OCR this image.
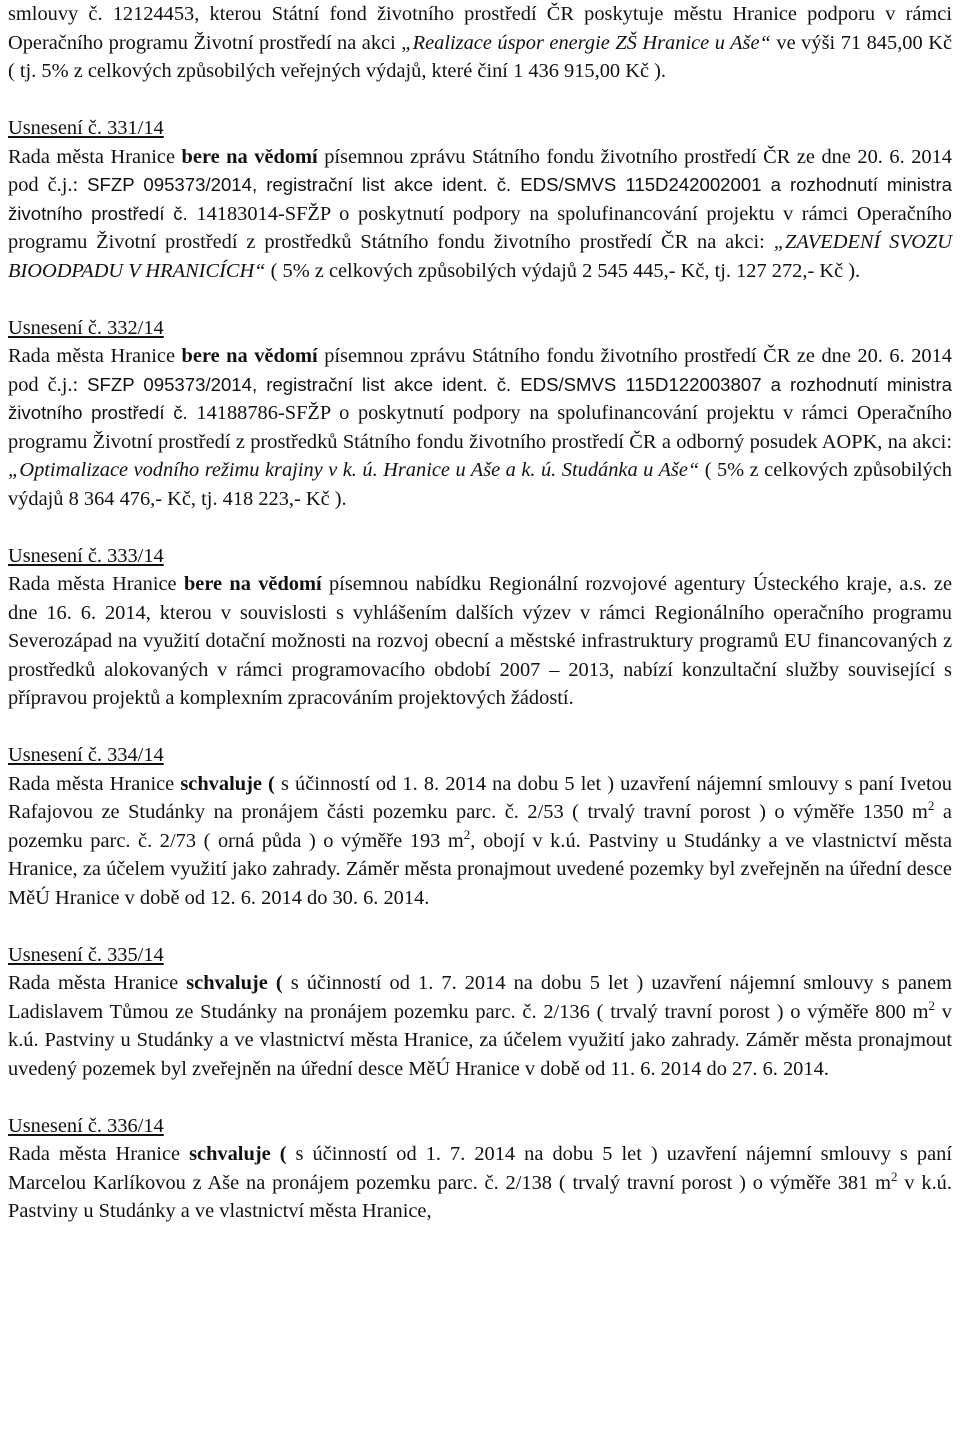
smlouvy č. 12124453, kterou Státní fond životního prostředí ČR poskytuje městu Hranice podporu v rámci Operačního programu Životní prostředí na akci „Realizace úspor energie ZŠ Hranice u Aše“ ve výši 71 845,00 Kč ( tj. 5% z celkových způsobilých veřejných výdajů, které činí 1 436 915,00 Kč ).

Usnesení č. 331/14

Rada města Hranice bere na vědomí písemnou zprávu Státního fondu životního prostředí ČR ze dne 20. 6. 2014 pod č.j.: SFZP 095373/2014, registrační list akce ident. č. EDS/SMVS 115D242002001 a rozhodnutí ministra životního prostředí č. 14183014-SFŽP o poskytnutí podpory na spolufinancování projektu v rámci Operačního programu Životní prostředí z prostředků Státního fondu životního prostředí ČR na akci: „ZAVEDENÍ SVOZU BIOODPADU V HRANICÍCH“ ( 5% z celkových způsobilých výdajů 2 545 445,- Kč, tj. 127 272,- Kč ).

Usnesení č. 332/14

Rada města Hranice bere na vědomí písemnou zprávu Státního fondu životního prostředí ČR ze dne 20. 6. 2014 pod č.j.: SFZP 095373/2014, registrační list akce ident. č. EDS/SMVS 115D122003807 a rozhodnutí ministra životního prostředí č. 14188786-SFŽP o poskytnutí podpory na spolufinancování projektu v rámci Operačního programu Životní prostředí z prostředků Státního fondu životního prostředí ČR a odborný posudek AOPK, na akci: „Optimalizace vodního režimu krajiny v k. ú. Hranice u Aše a k. ú. Studánka u Aše“ ( 5% z celkových způsobilých výdajů 8 364 476,- Kč, tj. 418 223,- Kč ).

Usnesení č. 333/14

Rada města Hranice bere na vědomí písemnou nabídku Regionální rozvojové agentury Ústeckého kraje, a.s. ze dne 16. 6. 2014, kterou v souvislosti s vyhlášením dalších výzev v rámci Regionálního operačního programu Severozápad na využití dotační možnosti na rozvoj obecní a městské infrastruktury programů EU financovaných z prostředků alokovaných v rámci programovacího období 2007 – 2013, nabízí konzultační služby související s přípravou projektů a komplexním zpracováním projektových žádostí.

Usnesení č. 334/14

Rada města Hranice schvaluje ( s účinností od 1. 8. 2014 na dobu 5 let ) uzavření nájemní smlouvy s paní Ivetou Rafajovou ze Studánky na pronájem části pozemku parc. č. 2/53 ( trvalý travní porost ) o výměře 1350 $m^2$ a pozemku parc. č. 2/73 ( orná půda ) o výměře 193 $m^2$, obojí v k.ú. Pastviny u Studánky a ve vlastnictví města Hranice, za účelem využití jako zahrady. Záměr města pronajmout uvedené pozemky byl zveřejněn na úřední desce MěÚ Hranice v době od 12. 6. 2014 do 30. 6. 2014.

Usnesení č. 335/14

Rada města Hranice schvaluje ( s účinností od 1. 7. 2014 na dobu 5 let ) uzavření nájemní smlouvy s panem Ladislavem Tůmou ze Studánky na pronájem pozemku parc. č. 2/136 ( trvalý travní porost ) o výměře 800 $m^2$ v k.ú. Pastviny u Studánky a ve vlastnictví města Hranice, za účelem využití jako zahrady. Záměr města pronajmout uvedený pozemek byl zveřejněn na úřední desce MěÚ Hranice v době od 11. 6. 2014 do 27. 6. 2014.

Usnesení č. 336/14

Rada města Hranice schvaluje ( s účinností od 1. 7. 2014 na dobu 5 let ) uzavření nájemní smlouvy s paní Marcelou Karlíkovou z Aše na pronájem pozemku parc. č. 2/138 ( trvalý travní porost ) o výměře 381 $m^2$ v k.ú. Pastviny u Studánky a ve vlastnictví města Hranice,
